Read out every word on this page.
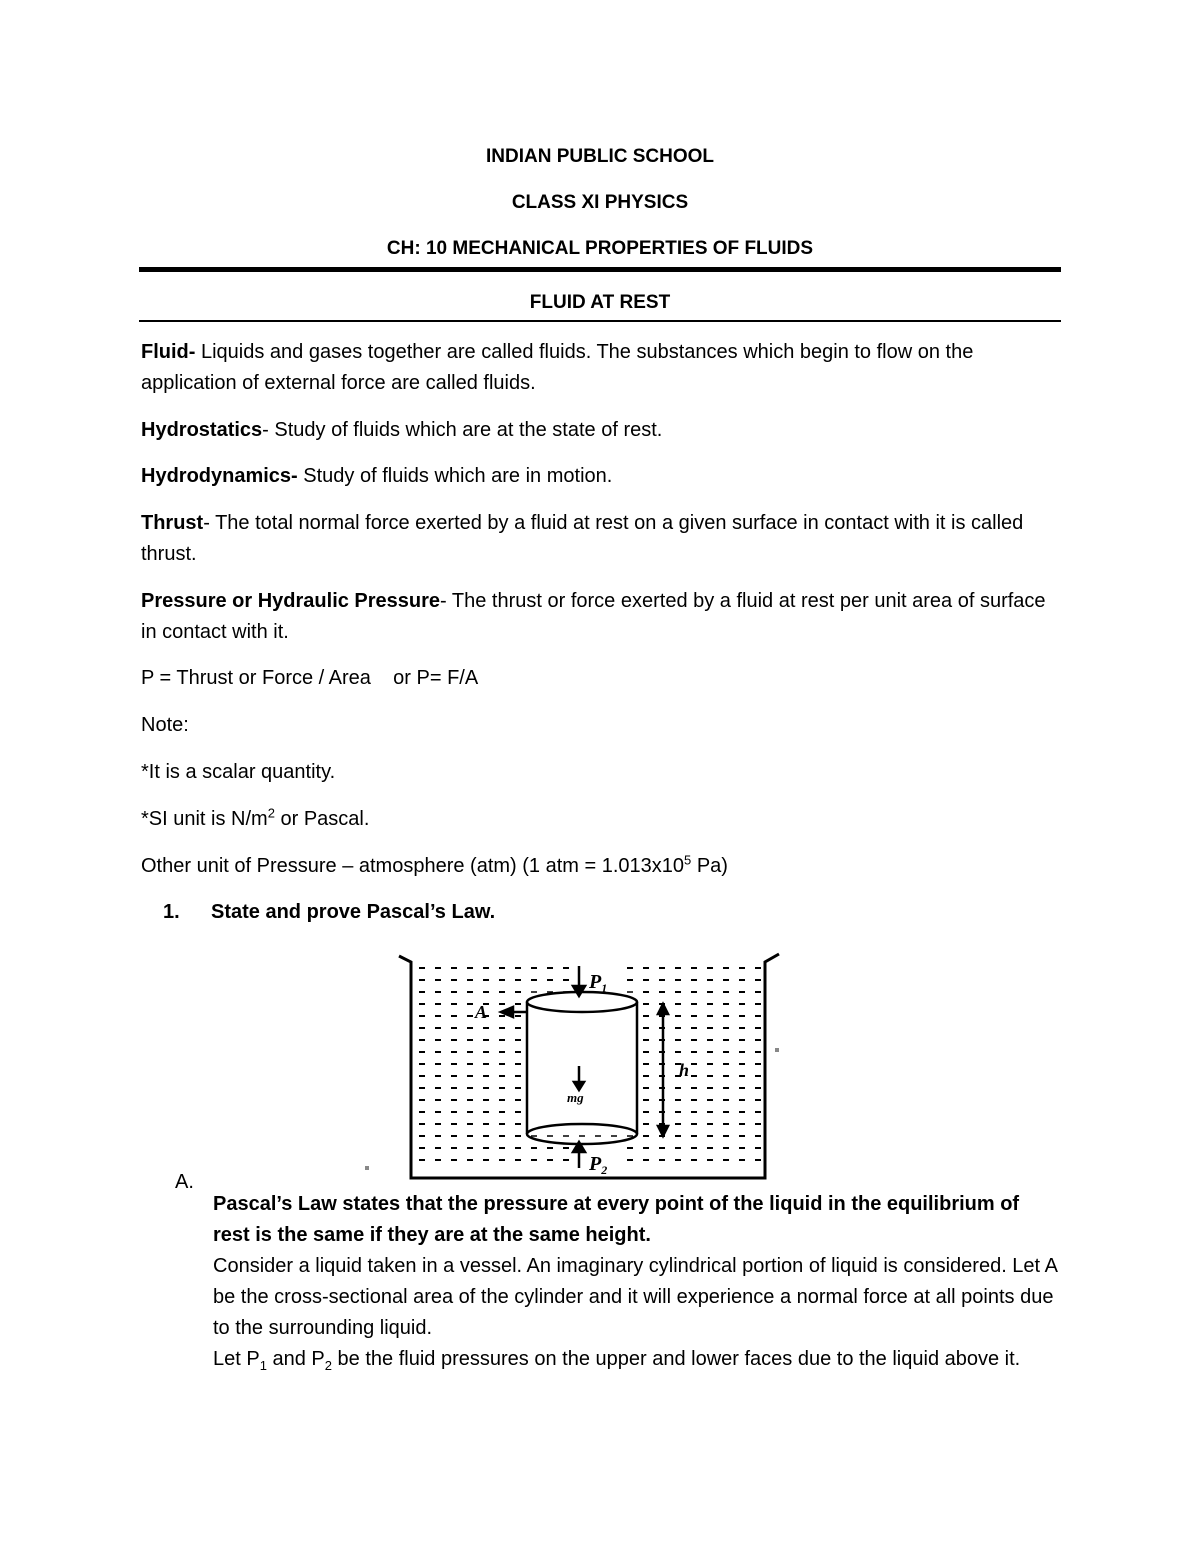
INDIAN PUBLIC SCHOOL
CLASS XI PHYSICS
CH: 10 MECHANICAL PROPERTIES OF FLUIDS
FLUID AT REST
Fluid- Liquids and gases together are called fluids. The substances which begin to flow on the application of external force are called fluids.
Hydrostatics- Study of fluids which are at the state of rest.
Hydrodynamics- Study of fluids which are in motion.
Thrust- The total normal force exerted by a fluid at rest on a given surface in contact with it is called thrust.
Pressure or Hydraulic Pressure- The thrust or force exerted by a fluid at rest per unit area of surface in contact with it.
P = Thrust or Force / Area    or P= F/A
Note:
*It is a scalar quantity.
*SI unit is $N/m^2$ or Pascal.
Other unit of Pressure – atmosphere (atm) (1 atm = $1.013x10^5$ Pa)
1. State and prove Pascal’s Law.
$P_1$
$P_2$
A
h
mg
A.
Pascal’s Law states that the pressure at every point of the liquid in the equilibrium of rest is the same if they are at the same height.
Consider a liquid taken in a vessel. An imaginary cylindrical portion of liquid is considered. Let A be the cross-sectional area of the cylinder and it will experience a normal force at all points due to the surrounding liquid.
Let $P_1$ and $P_2$ be the fluid pressures on the upper and lower faces due to the liquid above it.
